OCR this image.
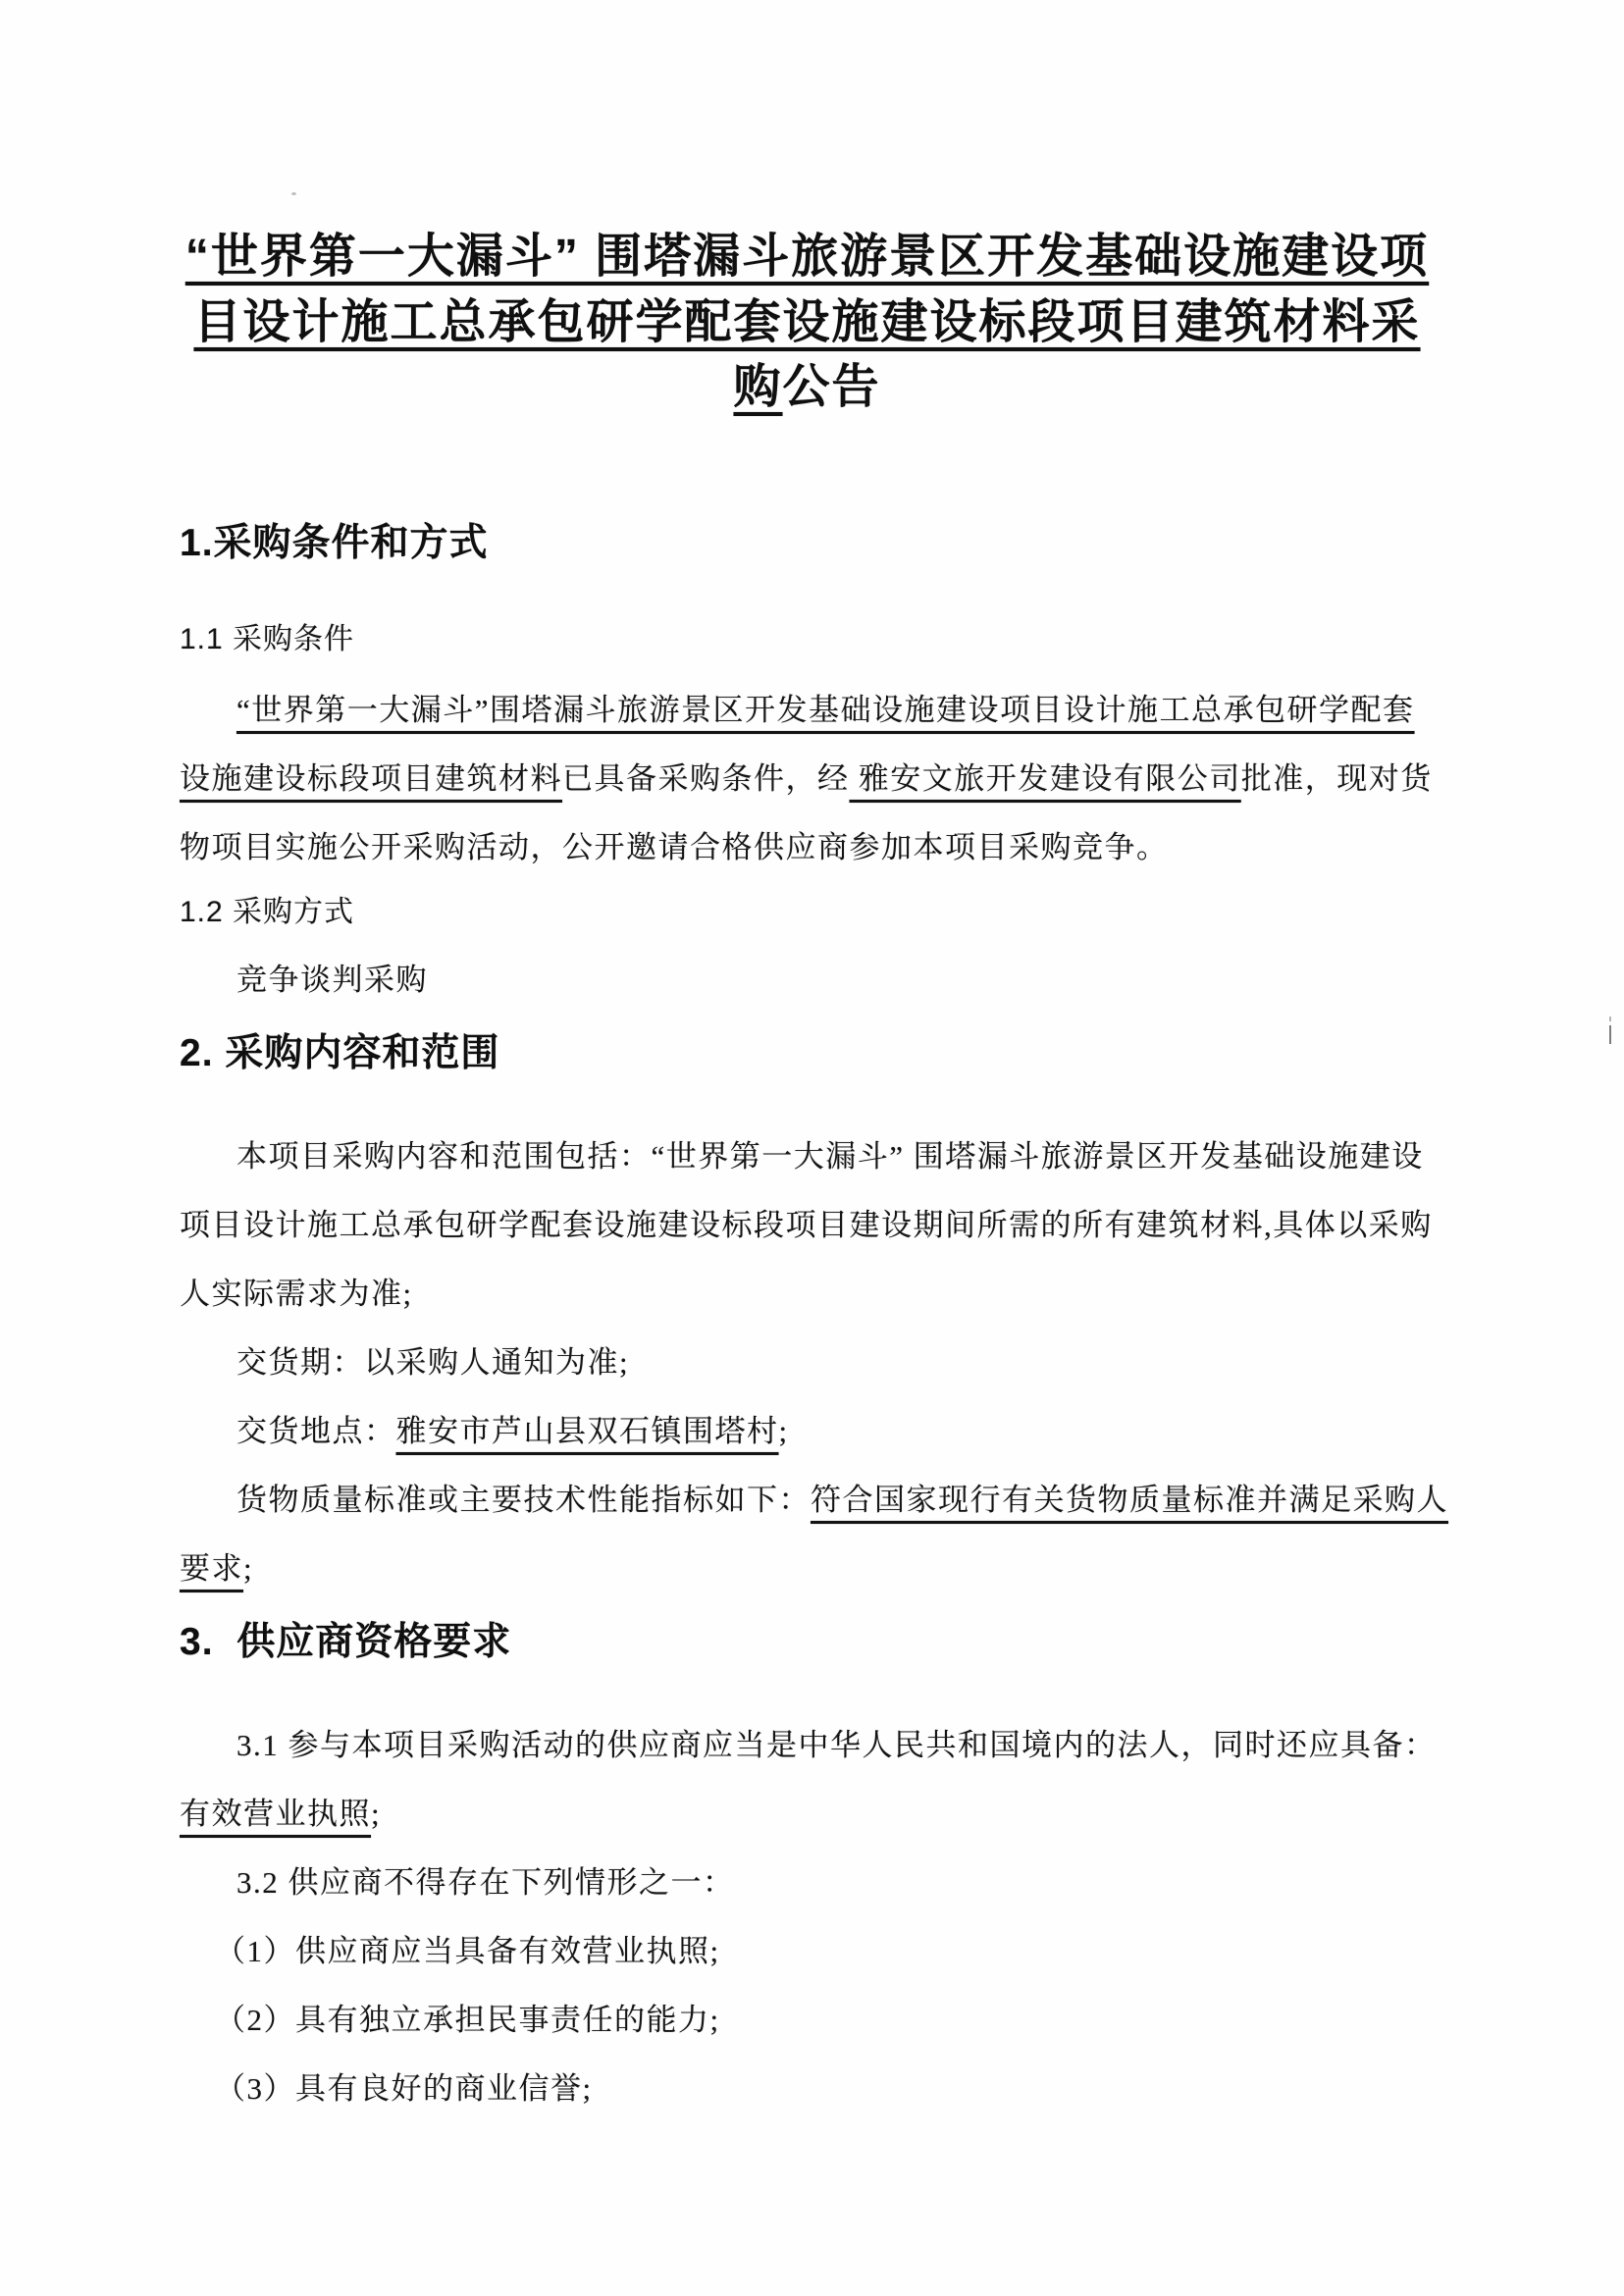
“世界第一大漏斗” 围塔漏斗旅游景区开发基础设施建设项
目设计施工总承包研学配套设施建设标段项目建筑材料采
购公告
1.采购条件和方式
1.1 采购条件
“世界第一大漏斗”围塔漏斗旅游景区开发基础设施建设项目设计施工总承包研学配套
设施建设标段项目建筑材料已具备采购条件，经 雅安文旅开发建设有限公司批准，现对货
物项目实施公开采购活动，公开邀请合格供应商参加本项目采购竞争。
1.2 采购方式
竞争谈判采购
2. 采购内容和范围
本项目采购内容和范围包括：“世界第一大漏斗” 围塔漏斗旅游景区开发基础设施建设
项目设计施工总承包研学配套设施建设标段项目建设期间所需的所有建筑材料,具体以采购
人实际需求为准;
交货期：以采购人通知为准;
交货地点：雅安市芦山县双石镇围塔村;
货物质量标准或主要技术性能指标如下：符合国家现行有关货物质量标准并满足采购人
要求;
3.  供应商资格要求
3.1 参与本项目采购活动的供应商应当是中华人民共和国境内的法人，同时还应具备：
有效营业执照;
3.2 供应商不得存在下列情形之一：
（1）供应商应当具备有效营业执照;
（2）具有独立承担民事责任的能力;
（3）具有良好的商业信誉;
